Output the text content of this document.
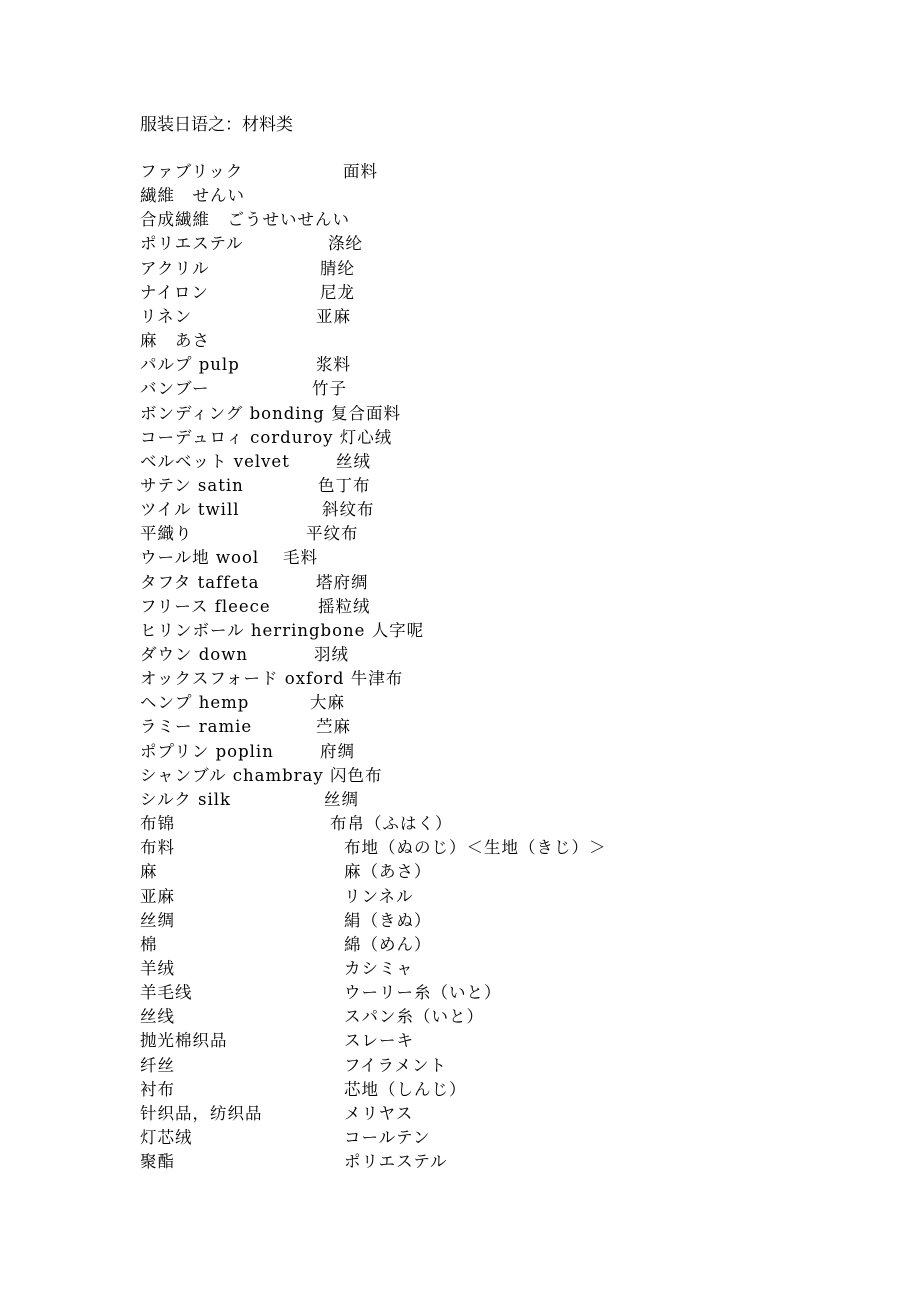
服装日语之：材料类
ファブリック	面料
繊維　せんい
合成繊維　ごうせいせんい
ポリエステル	涤纶
アクリル	腈纶
ナイロン	尼龙
リネン	亚麻
麻　あさ
パルプ pulp	浆料
バンブー	竹子
ボンディング bonding 复合面料
コーデュロィ corduroy 灯心绒
ベルベット velvet	丝绒
サテン satin	色丁布
ツイル twill	斜纹布
平織り	平纹布
ウール地 wool 毛料
タフタ taffeta	塔府绸
フリース fleece	摇粒绒
ヒリンボール herringbone 人字呢
ダウン down	羽绒
オックスフォード oxford 牛津布
ヘンプ hemp	大麻
ラミー ramie	苎麻
ポプリン poplin	府绸
シャンブル chambray 闪色布
シルク silk	丝绸
布锦	布帛（ふはく）
布料	布地（ぬのじ）＜生地（きじ）＞
麻	麻（あさ）
亚麻	リンネル
丝绸	絹（きぬ）
棉	綿（めん）
羊绒	カシミャ
羊毛线	ウーリー糸（いと）
丝线	スパン糸（いと）
抛光棉织品	スレーキ
纤丝	フイラメント
衬布	芯地（しんじ）
针织品，纺织品	メリヤス
灯芯绒	コールテン
聚酯	ポリエステル
